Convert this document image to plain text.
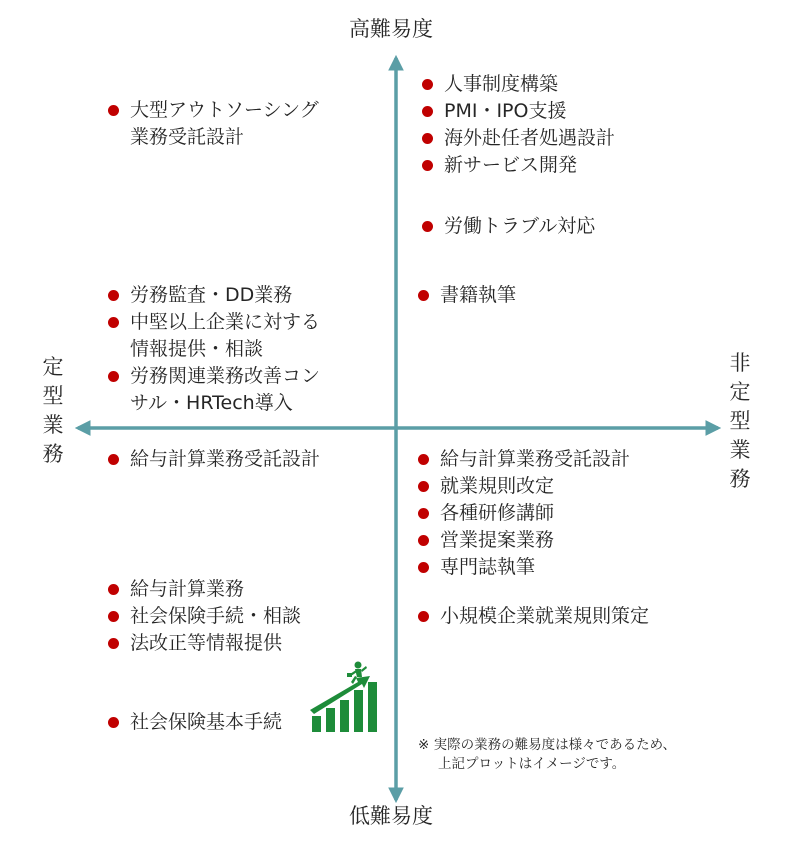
高難易度
低難易度
定
型
業
務
非
定
型
業
務
大型アウトソーシング
業務受託設計
労務監査・DD業務
中堅以上企業に対する
情報提供・相談
労務関連業務改善コン
サル・HRTech導入
人事制度構築
PMI・IPO支援
海外赴任者処遇設計
新サービス開発
労働トラブル対応
書籍執筆
給与計算業務受託設計
給与計算業務
社会保険手続・相談
法改正等情報提供
社会保険基本手続
給与計算業務受託設計
就業規則改定
各種研修講師
営業提案業務
専門誌執筆
小規模企業就業規則策定
※ 実際の業務の難易度は様々であるため、
上記プロットはイメージです。
